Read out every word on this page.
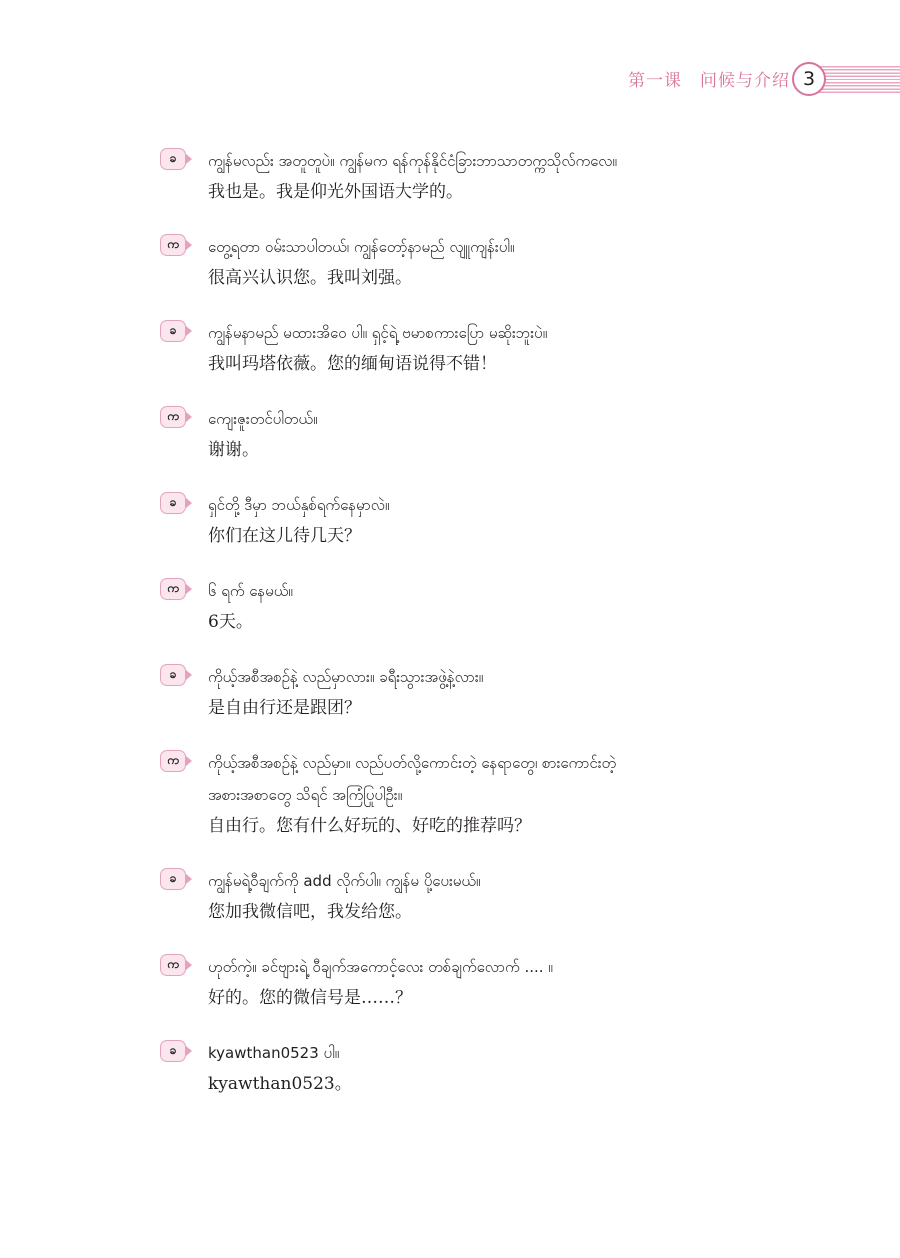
第一课　问候与介绍 3
ခ	ကျွန်မလည်း အတူတူပဲ။ ကျွန်မက ရန်ကုန်နိုင်ငံခြားဘာသာတက္ကသိုလ်ကလေ။
我也是。我是仰光外国语大学的。
က	တွေ့ရတာ ဝမ်းသာပါတယ်၊ ကျွန်တော့်နာမည် လျူကျန်းပါ။
很高兴认识您。我叫刘强。
ခ	ကျွန်မနာမည် မထားအိဝေ ပါ။ ရှင့်ရဲ့ ဗမာစကားပြော မဆိုးဘူးပဲ။
我叫玛塔依薇。您的缅甸语说得不错！
က	ကျေးဇူးတင်ပါတယ်။
谢谢。
ခ	ရှင်တို့ ဒီမှာ ဘယ်နှစ်ရက်နေမှာလဲ။
你们在这儿待几天？
က	၆ ရက် နေမယ်။
6天。
ခ	ကိုယ့်အစီအစဉ်နဲ့ လည်မှာလား။ ခရီးသွားအဖွဲ့နဲ့လား။
是自由行还是跟团？
က	ကိုယ့်အစီအစဉ်နဲ့ လည်မှာ။ လည်ပတ်လို့ကောင်းတဲ့ နေရာတွေ၊ စားကောင်းတဲ့
အစားအစာတွေ သိရင် အကြံပြုပါဦး။
自由行。您有什么好玩的、好吃的推荐吗？
ခ	ကျွန်မရဲ့ဝီချက်ကို add လိုက်ပါ။ ကျွန်မ ပို့ပေးမယ်။
您加我微信吧，我发给您。
က	ဟုတ်ကဲ့။ ခင်ဗျားရဲ့ ဝီချက်အကောင့်လေး တစ်ချက်လောက် .... ။
好的。您的微信号是……？
ခ	kyawthan0523 ပါ။
kyawthan0523。
